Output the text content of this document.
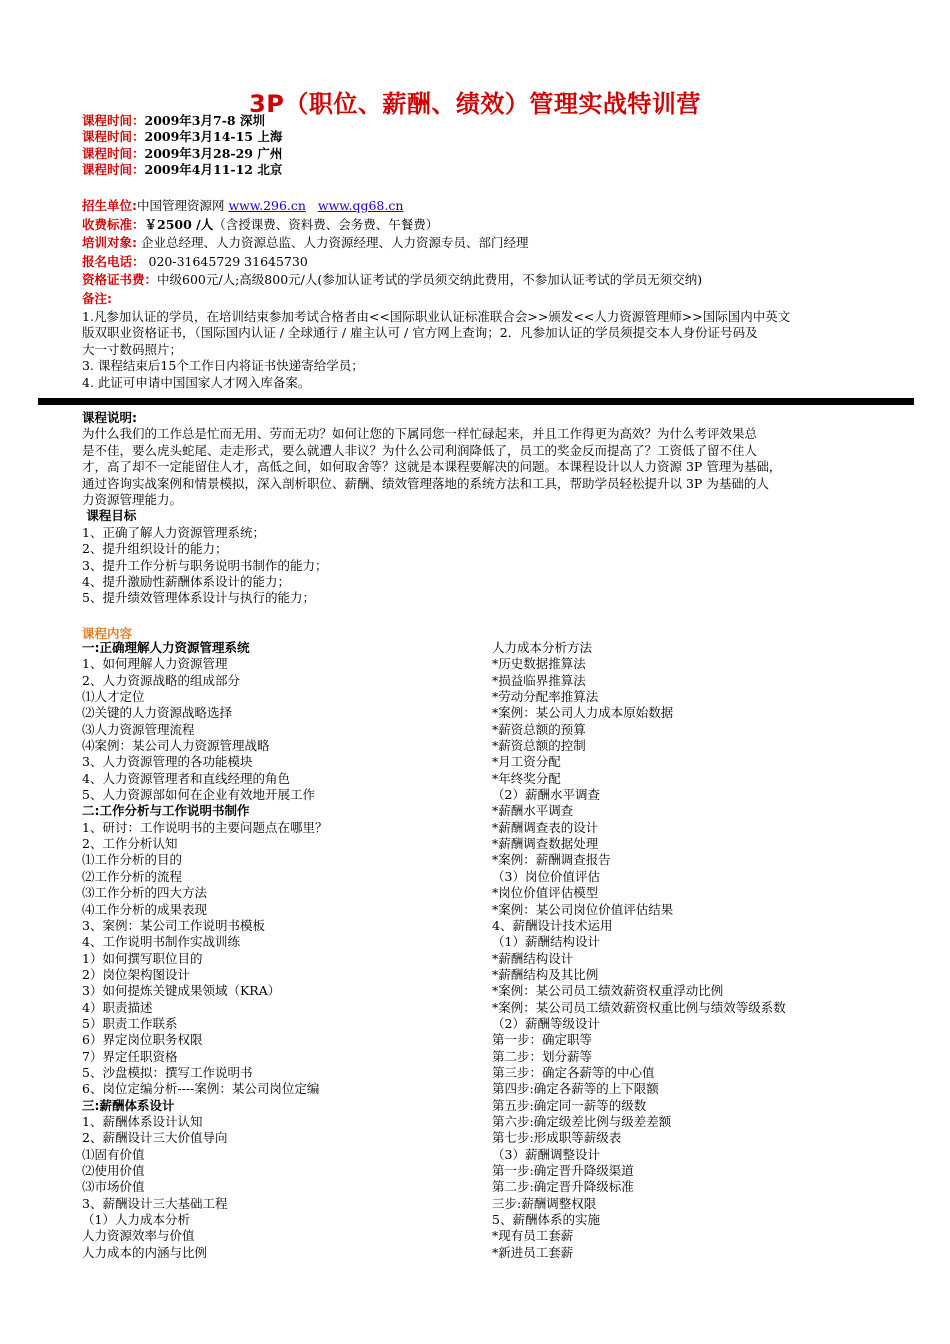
3P（职位、薪酬、绩效）管理实战特训营
课程时间：2009年3月7-8 深圳
课程时间：2009年3月14-15 上海
课程时间：2009年3月28-29 广州
课程时间：2009年4月11-12 北京
招生单位:中国管理资源网 www.296.cn www.qg68.cn
收费标准：￥2500 /人（含授课费、资料费、会务费、午餐费）
培训对象: 企业总经理、人力资源总监、人力资源经理、人力资源专员、部门经理
报名电话： 020-31645729 31645730
资格证书费：中级600元/人;高级800元/人(参加认证考试的学员须交纳此费用，不参加认证考试的学员无须交纳)
备注:
1.凡参加认证的学员，在培训结束参加考试合格者由<<国际职业认证标准联合会>>颁发<<人力资源管理师>>国际国内中英文
版双职业资格证书，（国际国内认证 / 全球通行 / 雇主认可 / 官方网上查询；2．凡参加认证的学员须提交本人身份证号码及
大一寸数码照片；
3. 课程结束后15个工作日内将证书快递寄给学员；
4. 此证可申请中国国家人才网入库备案。
课程说明:
为什么我们的工作总是忙而无用、劳而无功？如何让您的下属同您一样忙碌起来，并且工作得更为高效？为什么考评效果总
是不佳，要么虎头蛇尾、走走形式，要么就遭人非议？为什么公司利润降低了，员工的奖金反而提高了？工资低了留不住人
才，高了却不一定能留住人才，高低之间，如何取舍等？这就是本课程要解决的问题。本课程设计以人力资源 3P 管理为基础，
通过咨询实战案例和情景模拟，深入剖析职位、薪酬、绩效管理落地的系统方法和工具，帮助学员轻松提升以 3P 为基础的人
力资源管理能力。
课程目标
1、正确了解人力资源管理系统；
2、提升组织设计的能力；
3、提升工作分析与职务说明书制作的能力；
4、提升激励性薪酬体系设计的能力；
5、提升绩效管理体系设计与执行的能力；
课程内容
一:正确理解人力资源管理系统
1、如何理解人力资源管理
2、人力资源战略的组成部分
⑴人才定位
⑵关键的人力资源战略选择
⑶人力资源管理流程
⑷案例：某公司人力资源管理战略
3、人力资源管理的各功能模块
4、人力资源管理者和直线经理的角色
5、人力资源部如何在企业有效地开展工作
二:工作分析与工作说明书制作
1、研讨：工作说明书的主要问题点在哪里？
2、工作分析认知
⑴工作分析的目的
⑵工作分析的流程
⑶工作分析的四大方法
⑷工作分析的成果表现
3、案例：某公司工作说明书模板
4、工作说明书制作实战训练
1）如何撰写职位目的
2）岗位架构图设计
3）如何提炼关键成果领域（KRA）
4）职责描述
5）职责工作联系
6）界定岗位职务权限
7）界定任职资格
5、沙盘模拟：撰写工作说明书
6、岗位定编分析----案例：某公司岗位定编
三:薪酬体系设计
1、薪酬体系设计认知
2、薪酬设计三大价值导向
⑴固有价值
⑵使用价值
⑶市场价值
3、薪酬设计三大基础工程
（1）人力成本分析
人力资源效率与价值
人力成本的内涵与比例
人力成本分析方法
*历史数据推算法
*损益临界推算法
*劳动分配率推算法
*案例：某公司人力成本原始数据
*薪资总额的预算
*薪资总额的控制
*月工资分配
*年终奖分配
（2）薪酬水平调查
*薪酬水平调查
*薪酬调查表的设计
*薪酬调查数据处理
*案例：薪酬调查报告
（3）岗位价值评估
*岗位价值评估模型
*案例：某公司岗位价值评估结果
4、薪酬设计技术运用
（1）薪酬结构设计
*薪酬结构设计
*薪酬结构及其比例
*案例：某公司员工绩效薪资权重浮动比例
*案例：某公司员工绩效薪资权重比例与绩效等级系数
（2）薪酬等级设计
第一步：确定职等
第二步：划分薪等
第三步：确定各薪等的中心值
第四步:确定各薪等的上下限额
第五步:确定同一薪等的级数
第六步:确定级差比例与级差差额
第七步:形成职等薪级表
（3）薪酬调整设计
第一步:确定晋升降级渠道
第二步:确定晋升降级标准
三步:薪酬调整权限
5、薪酬体系的实施
*现有员工套薪
*新进员工套薪
